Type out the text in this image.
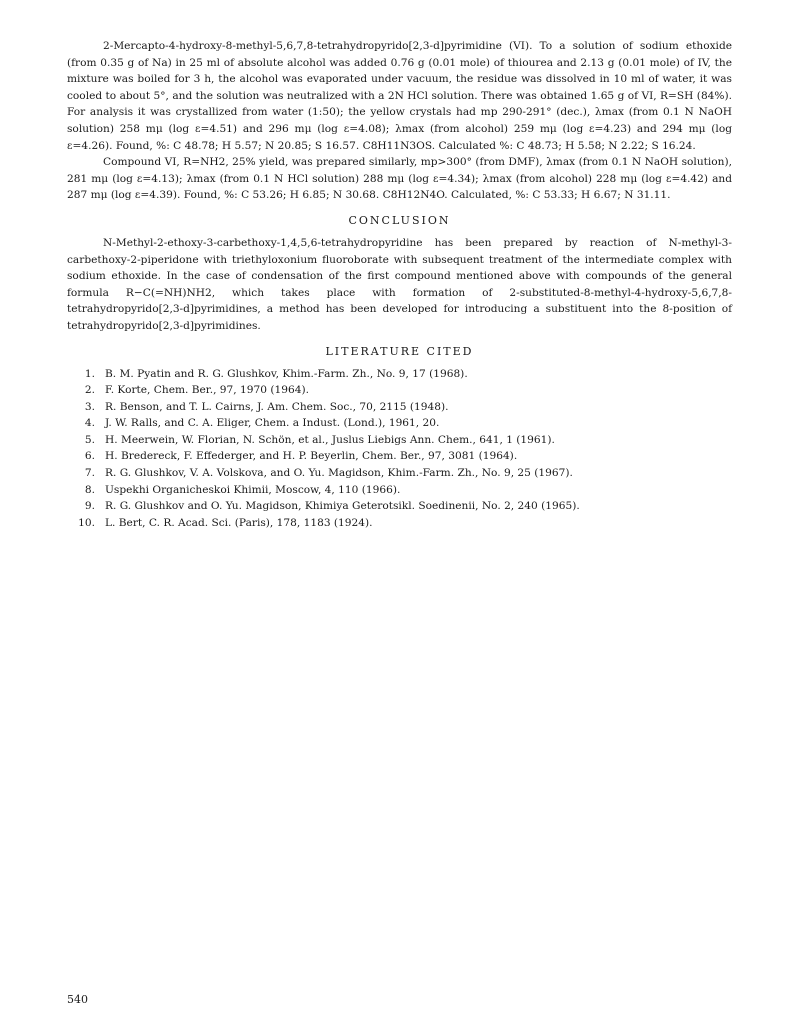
2-Mercapto-4-hydroxy-8-methyl-5,6,7,8-tetrahydropyrido[2,3-d]pyrimidine (VI). To a solution of sodium ethoxide (from 0.35 g of Na) in 25 ml of absolute alcohol was added 0.76 g (0.01 mole) of thiourea and 2.13 g (0.01 mole) of IV, the mixture was boiled for 3 h, the alcohol was evaporated under vacuum, the residue was dissolved in 10 ml of water, it was cooled to about 5°, and the solution was neutralized with a 2N HCl solution. There was obtained 1.65 g of VI, R=SH (84%). For analysis it was crystallized from water (1:50); the yellow crystals had mp 290-291° (dec.), λmax (from 0.1 N NaOH solution) 258 mμ (log ε=4.51) and 296 mμ (log ε=4.08); λmax (from alcohol) 259 mμ (log ε=4.23) and 294 mμ (log ε=4.26). Found, %: C 48.78; H 5.57; N 20.85; S 16.57. C8H11N3OS. Calculated %: C 48.73; H 5.58; N 2.22; S 16.24.

Compound VI, R=NH2, 25% yield, was prepared similarly, mp>300° (from DMF), λmax (from 0.1 N NaOH solution), 281 mμ (log ε=4.13); λmax (from 0.1 N HCl solution) 288 mμ (log ε=4.34); λmax (from alcohol) 228 mμ (log ε=4.42) and 287 mμ (log ε=4.39). Found, %: C 53.26; H 6.85; N 30.68. C8H12N4O. Calculated, %: C 53.33; H 6.67; N 31.11.

CONCLUSION

N-Methyl-2-ethoxy-3-carbethoxy-1,4,5,6-tetrahydropyridine has been prepared by reaction of N-methyl-3-carbethoxy-2-piperidone with triethyloxonium fluoroborate with subsequent treatment of the intermediate complex with sodium ethoxide. In the case of condensation of the first compound mentioned above with compounds of the general formula R−C(=NH)NH2, which takes place with formation of 2-substituted-8-methyl-4-hydroxy-5,6,7,8-tetrahydropyrido[2,3-d]pyrimidines, a method has been developed for introducing a substituent into the 8-position of tetrahydropyrido[2,3-d]pyrimidines.

LITERATURE CITED
1. B. M. Pyatin and R. G. Glushkov, Khim.-Farm. Zh., No. 9, 17 (1968).
2. F. Korte, Chem. Ber., 97, 1970 (1964).
3. R. Benson, and T. L. Cairns, J. Am. Chem. Soc., 70, 2115 (1948).
4. J. W. Ralls, and C. A. Eliger, Chem. a Indust. (Lond.), 1961, 20.
5. H. Meerwein, W. Florian, N. Schön, et al., Juslus Liebigs Ann. Chem., 641, 1 (1961).
6. H. Bredereck, F. Effederger, and H. P. Beyerlin, Chem. Ber., 97, 3081 (1964).
7. R. G. Glushkov, V. A. Volskova, and O. Yu. Magidson, Khim.-Farm. Zh., No. 9, 25 (1967).
8. Uspekhi Organicheskoi Khimii, Moscow, 4, 110 (1966).
9. R. G. Glushkov and O. Yu. Magidson, Khimiya Geterotsikl. Soedinenii, No. 2, 240 (1965).
10. L. Bert, C. R. Acad. Sci. (Paris), 178, 1183 (1924).
540
